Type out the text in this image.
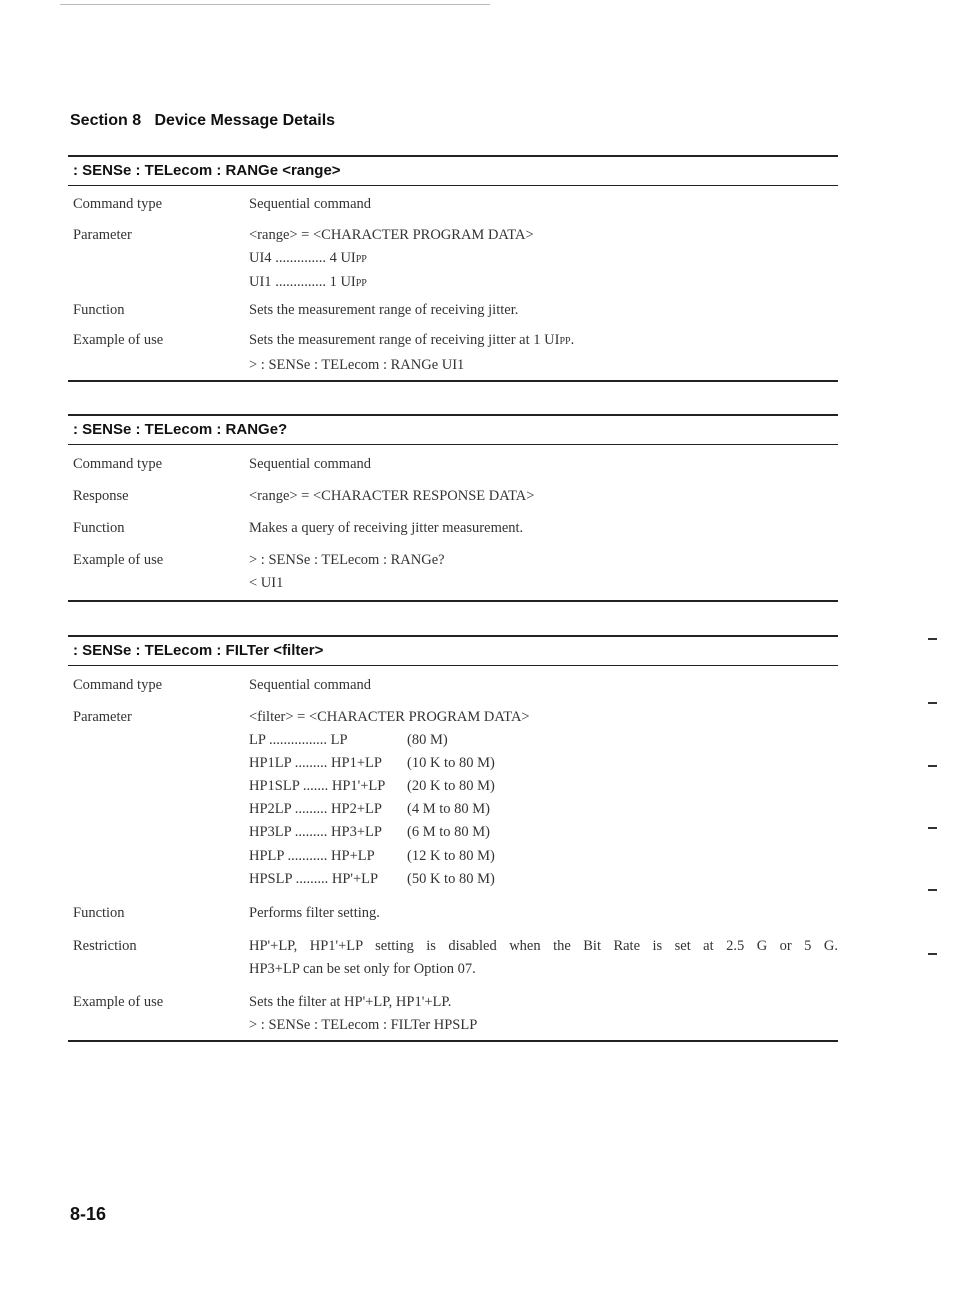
Section 8 Device Message Details
: SENSe : TELecom : RANGe <range>
Command type	Sequential command
Parameter	<range> = <CHARACTER PROGRAM DATA>
UI4 .............. 4 UIPP
UI1 .............. 1 UIPP
Function	Sets the measurement range of receiving jitter.
Example of use	Sets the measurement range of receiving jitter at 1 UIPP.
> : SENSe : TELecom : RANGe UI1
: SENSe : TELecom : RANGe?
Command type	Sequential command
Response	<range> = <CHARACTER RESPONSE DATA>
Function	Makes a query of receiving jitter measurement.
Example of use	> : SENSe : TELecom : RANGe?
< UI1
: SENSe : TELecom : FILTer <filter>
Command type	Sequential command
Parameter	<filter> = <CHARACTER PROGRAM DATA>
LP ................ LP	(80 M)
HP1LP ......... HP1+LP	(10 K to 80 M)
HP1SLP ....... HP1'+LP	(20 K to 80 M)
HP2LP ......... HP2+LP	(4 M to 80 M)
HP3LP ......... HP3+LP	(6 M to 80 M)
HPLP ........... HP+LP	(12 K to 80 M)
HPSLP ......... HP'+LP	(50 K to 80 M)
Function	Performs filter setting.
Restriction	HP'+LP, HP1'+LP setting is disabled when the Bit Rate is set at 2.5 G or 5 G.
HP3+LP can be set only for Option 07.
Example of use	Sets the filter at HP'+LP, HP1'+LP.
> : SENSe : TELecom : FILTer HPSLP
8-16
